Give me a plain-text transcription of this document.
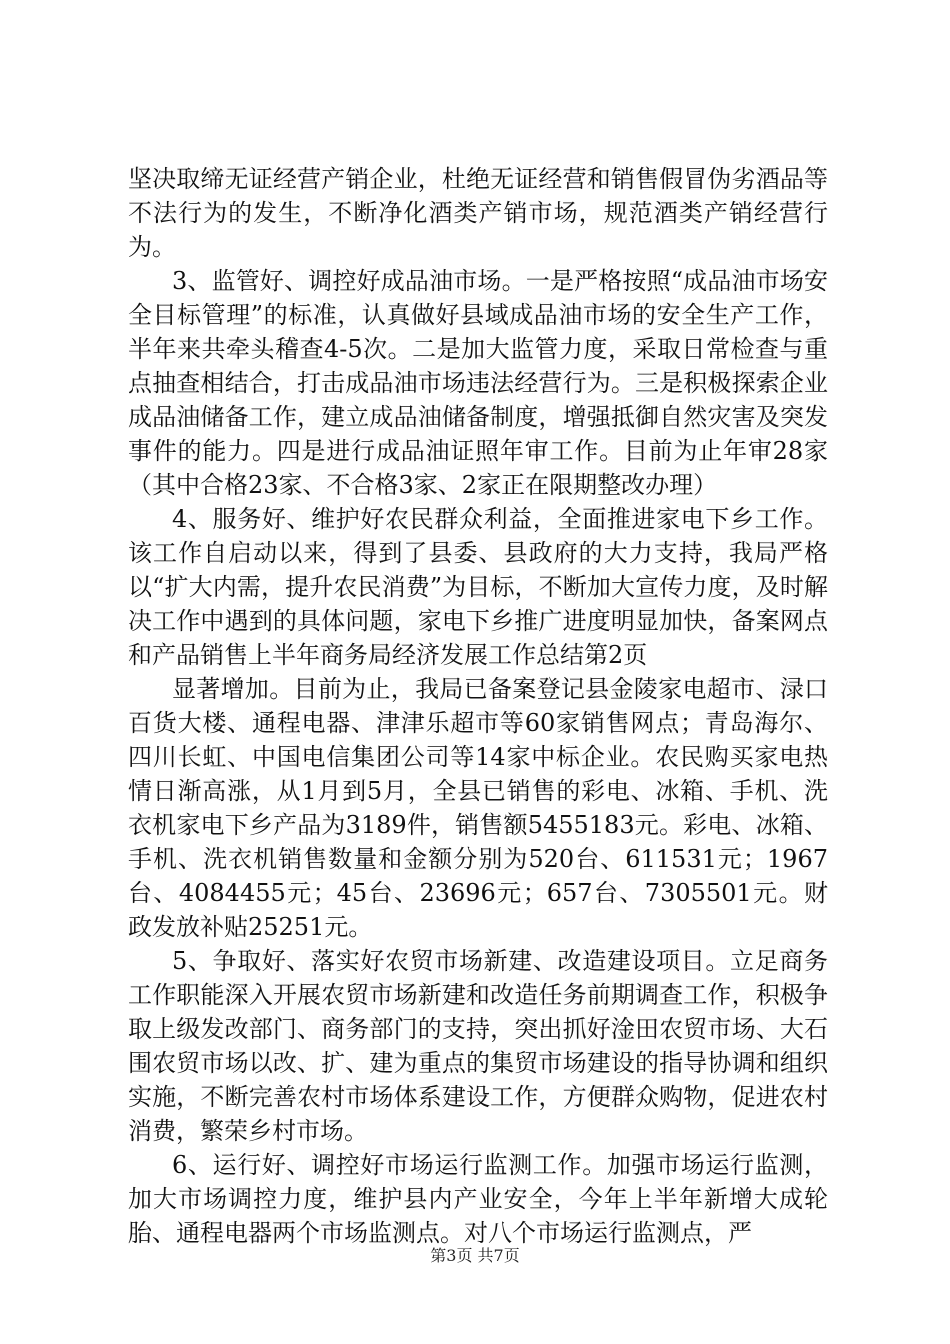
坚决取缔无证经营产销企业，杜绝无证经营和销售假冒伪劣酒品等不法行为的发生，不断净化酒类产销市场，规范酒类产销经营行为。

3、监管好、调控好成品油市场。一是严格按照“成品油市场安全目标管理”的标准，认真做好县域成品油市场的安全生产工作，半年来共牵头稽查4-5次。二是加大监管力度，采取日常检查与重点抽查相结合，打击成品油市场违法经营行为。三是积极探索企业成品油储备工作，建立成品油储备制度，增强抵御自然灾害及突发事件的能力。四是进行成品油证照年审工作。目前为止年审28家（其中合格23家、不合格3家、2家正在限期整改办理）

4、服务好、维护好农民群众利益，全面推进家电下乡工作。该工作自启动以来，得到了县委、县政府的大力支持，我局严格以“扩大内需，提升农民消费”为目标，不断加大宣传力度，及时解决工作中遇到的具体问题，家电下乡推广进度明显加快，备案网点和产品销售上半年商务局经济发展工作总结第2页

显著增加。目前为止，我局已备案登记县金陵家电超市、渌口百货大楼、通程电器、津津乐超市等60家销售网点；青岛海尔、四川长虹、中国电信集团公司等14家中标企业。农民购买家电热情日渐高涨，从1月到5月，全县已销售的彩电、冰箱、手机、洗衣机家电下乡产品为3189件，销售额5455183元。彩电、冰箱、手机、洗衣机销售数量和金额分别为520台、611531元；1967台、4084455元；45台、23696元；657台、7305501元。财政发放补贴25251元。

5、争取好、落实好农贸市场新建、改造建设项目。立足商务工作职能深入开展农贸市场新建和改造任务前期调查工作，积极争取上级发改部门、商务部门的支持，突出抓好淦田农贸市场、大石围农贸市场以改、扩、建为重点的集贸市场建设的指导协调和组织实施，不断完善农村市场体系建设工作，方便群众购物，促进农村消费，繁荣乡村市场。

6、运行好、调控好市场运行监测工作。加强市场运行监测，加大市场调控力度，维护县内产业安全，今年上半年新增大成轮胎、通程电器两个市场监测点。对八个市场运行监测点，严

第3页 共7页
